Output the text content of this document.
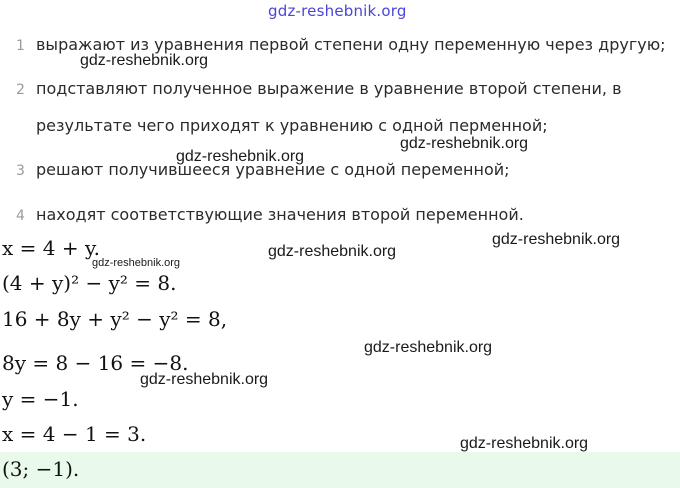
gdz-reshebnik.org
1 выражают из уравнения первой степени одну переменную через другую;
2 подставляют полученное выражение в уравнение второй степени, в
результате чего приходят к уравнению с одной перменной;
3 решают получившееся уравнение с одной переменной;
4 находят соответствующие значения второй переменной.
x = 4 + y.
(4 + y)² − y² = 8.
16 + 8y + y² − y² = 8,
8y = 8 − 16 = −8.
y = −1.
x = 4 − 1 = 3.
(3; −1).
gdz-reshebnik.org
gdz-reshebnik.org
gdz-reshebnik.org
gdz-reshebnik.org
gdz-reshebnik.org
gdz-reshebnik.org
gdz-reshebnik.org
gdz-reshebnik.org
gdz-reshebnik.org
